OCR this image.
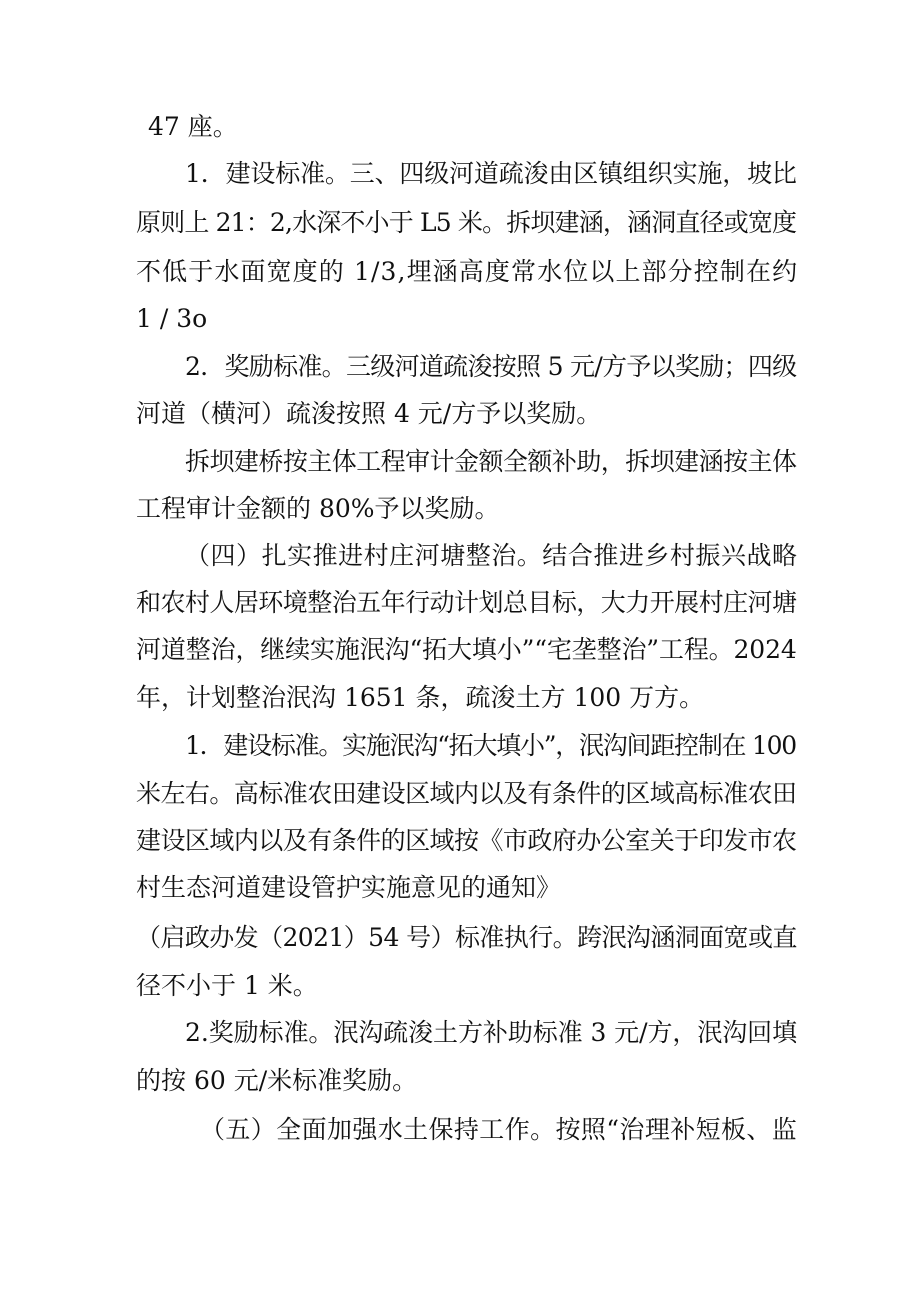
47 座。
1．建设标准。三、四级河道疏浚由区镇组织实施，坡比
原则上 21：2,水深不小于 L5 米。拆坝建涵，涵洞直径或宽度
不低于水面宽度的 1/3,埋涵高度常水位以上部分控制在约
1 / 3o
2．奖励标准。三级河道疏浚按照 5 元/方予以奖励；四级
河道（横河）疏浚按照 4 元/方予以奖励。
拆坝建桥按主体工程审计金额全额补助，拆坝建涵按主体
工程审计金额的 80%予以奖励。
（四）扎实推进村庄河塘整治。结合推进乡村振兴战略
和农村人居环境整治五年行动计划总目标，大力开展村庄河塘
河道整治，继续实施泯沟“拓大填小”“宅垄整治”工程。2024
年，计划整治泯沟 1651 条，疏浚土方 100 万方。
1．建设标准。实施泯沟“拓大填小”，泯沟间距控制在 100
米左右。高标准农田建设区域内以及有条件的区域高标准农田
建设区域内以及有条件的区域按《市政府办公室关于印发市农
村生态河道建设管护实施意见的通知》
（启政办发（2021）54 号）标准执行。跨泯沟涵洞面宽或直
径不小于 1 米。
2.奖励标准。泯沟疏浚土方补助标准 3 元/方，泯沟回填
的按 60 元/米标准奖励。
（五）全面加强水土保持工作。按照“治理补短板、监
